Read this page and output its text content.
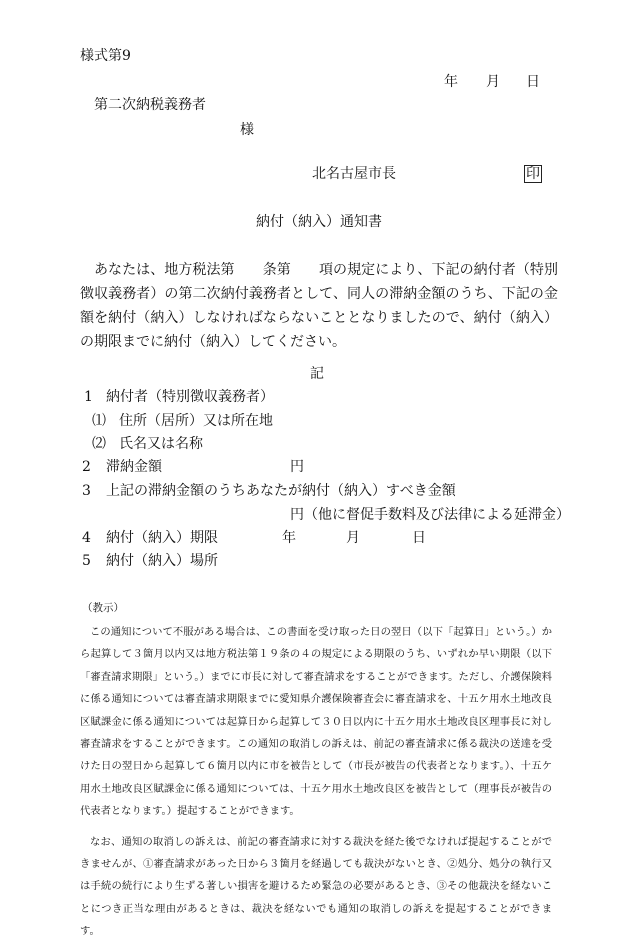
様式第9
年 月 日
第二次納税義務者
様
北名古屋市長	印
納付（納入）通知書
あなたは、地方税法第　　条第　　項の規定により、下記の納付者（特別徴収義務者）の第二次納付義務者として、同人の滞納金額のうち、下記の金額を納付（納入）しなければならないこととなりましたので、納付（納入）の期限までに納付（納入）してください。
記
1 納付者（特別徴収義務者）
⑴ 住所（居所）又は所在地
⑵ 氏名又は名称
2 滞納金額	円
3 上記の滞納金額のうちあなたが納付（納入）すべき金額
円（他に督促手数料及び法律による延滞金）
4 納付（納入）期限	年	月	日
5 納付（納入）場所
（教示）

この通知について不服がある場合は、この書面を受け取った日の翌日（以下「起算日」という。）から起算して３箇月以内又は地方税法第１９条の４の規定による期限のうち、いずれか早い期限（以下「審査請求期限」という。）までに市長に対して審査請求をすることができます。ただし、介護保険料に係る通知については審査請求期限までに愛知県介護保険審査会に審査請求を、十五ケ用水土地改良区賦課金に係る通知については起算日から起算して３０日以内に十五ケ用水土地改良区理事長に対し審査請求をすることができます。この通知の取消しの訴えは、前記の審査請求に係る裁決の送達を受けた日の翌日から起算して６箇月以内に市を被告として（市長が被告の代表者となります。）、十五ケ用水土地改良区賦課金に係る通知については、十五ケ用水土地改良区を被告として（理事長が被告の代表者となります。）提起することができます。

なお、通知の取消しの訴えは、前記の審査請求に対する裁決を経た後でなければ提起することができませんが、①審査請求があった日から３箇月を経過しても裁決がないとき、②処分、処分の執行又は手続の続行により生ずる著しい損害を避けるため緊急の必要があるとき、③その他裁決を経ないことにつき正当な理由があるときは、裁決を経ないでも通知の取消しの訴えを提起することができます。
